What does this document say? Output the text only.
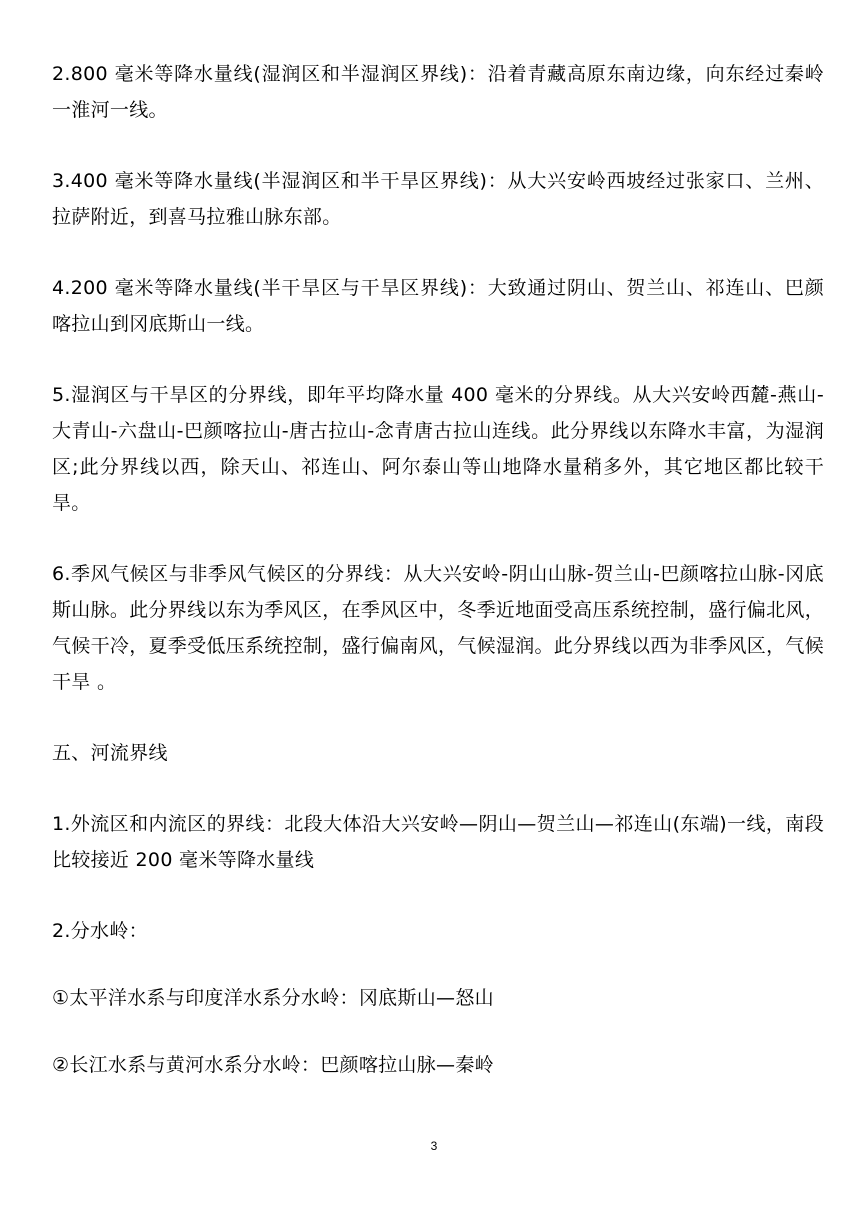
2.800 毫米等降水量线(湿润区和半湿润区界线)：沿着青藏高原东南边缘，向东经过秦岭一淮河一线。

3.400 毫米等降水量线(半湿润区和半干旱区界线)：从大兴安岭西坡经过张家口、兰州、拉萨附近，到喜马拉雅山脉东部。

4.200 毫米等降水量线(半干旱区与干旱区界线)：大致通过阴山、贺兰山、祁连山、巴颜喀拉山到冈底斯山一线。

5.湿润区与干旱区的分界线，即年平均降水量 400 毫米的分界线。从大兴安岭西麓-燕山-大青山-六盘山-巴颜喀拉山-唐古拉山-念青唐古拉山连线。此分界线以东降水丰富，为湿润区;此分界线以西，除天山、祁连山、阿尔泰山等山地降水量稍多外，其它地区都比较干旱。

6.季风气候区与非季风气候区的分界线：从大兴安岭-阴山山脉-贺兰山-巴颜喀拉山脉-冈底斯山脉。此分界线以东为季风区，在季风区中，冬季近地面受高压系统控制，盛行偏北风，气候干冷，夏季受低压系统控制，盛行偏南风，气候湿润。此分界线以西为非季风区，气候干旱 。

五、河流界线

1.外流区和内流区的界线：北段大体沿大兴安岭—阴山—贺兰山—祁连山(东端)一线，南段比较接近 200 毫米等降水量线

2.分水岭：

①太平洋水系与印度洋水系分水岭：冈底斯山—怒山

②长江水系与黄河水系分水岭：巴颜喀拉山脉—秦岭

3
